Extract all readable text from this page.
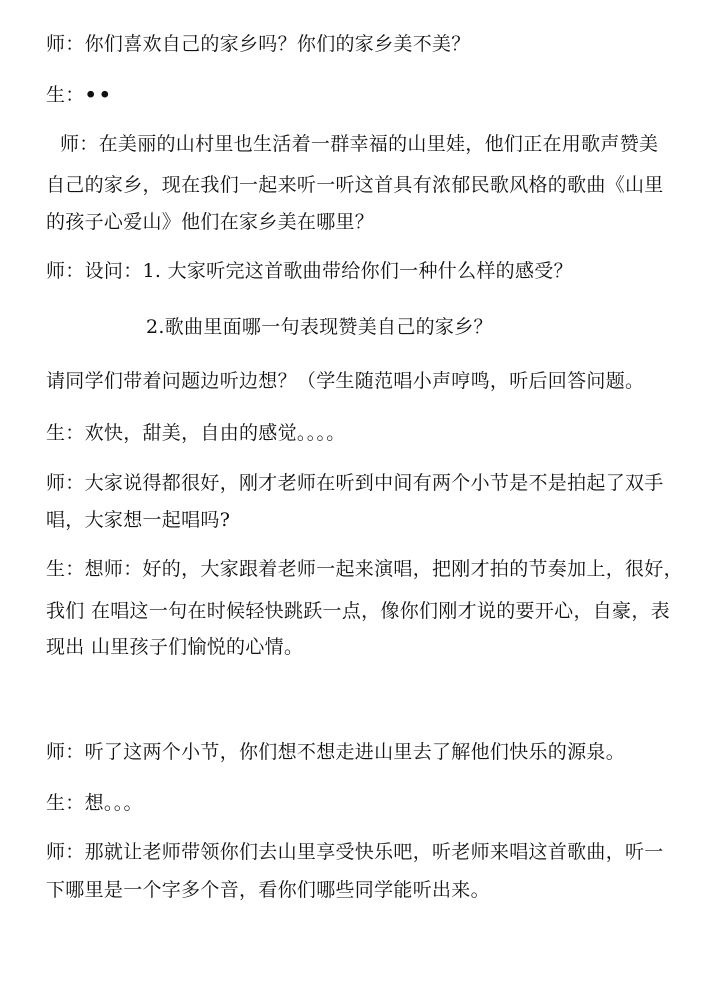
师：你们喜欢自己的家乡吗？你们的家乡美不美？
生：••
师：在美丽的山村里也生活着一群幸福的山里娃，他们正在用歌声赞美
自己的家乡，现在我们一起来听一听这首具有浓郁民歌风格的歌曲《山里
的孩子心爱山》他们在家乡美在哪里？
师：设问：1. 大家听完这首歌曲带给你们一种什么样的感受？
2.歌曲里面哪一句表现赞美自己的家乡？
请同学们带着问题边听边想？（学生随范唱小声哼鸣，听后回答问题。
生：欢快，甜美，自由的感觉。。。。
师：大家说得都很好，刚才老师在听到中间有两个小节是不是拍起了双手
唱，大家想一起唱吗?
生：想师：好的，大家跟着老师一起来演唱，把刚才拍的节奏加上，很好，
我们 在唱这一句在时候轻快跳跃一点，像你们刚才说的要开心，自豪，表
现出 山里孩子们愉悦的心情。
师：听了这两个小节，你们想不想走进山里去了解他们快乐的源泉。
生：想。。。
师：那就让老师带领你们去山里享受快乐吧，听老师来唱这首歌曲，听一
下哪里是一个字多个音，看你们哪些同学能听出来。
